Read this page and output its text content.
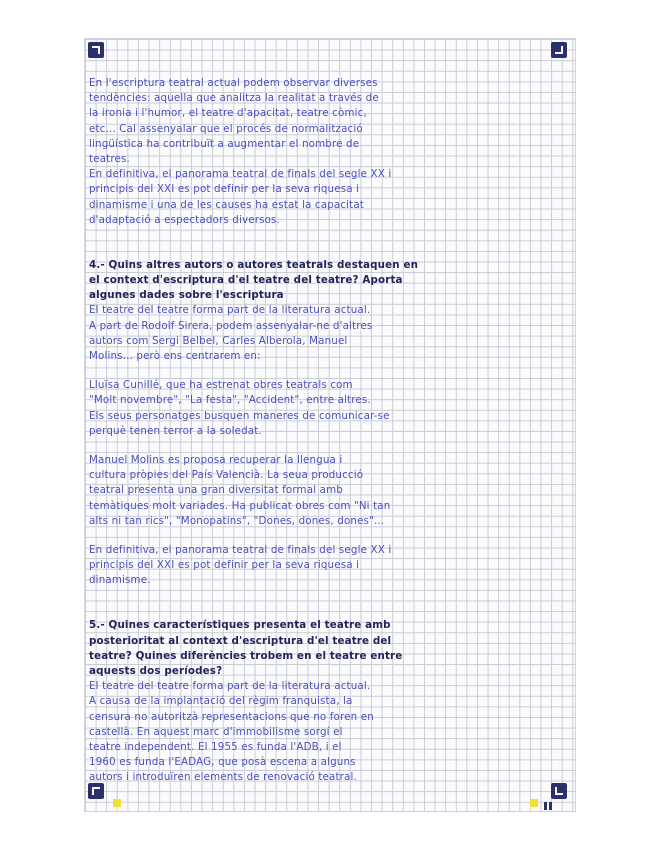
En l'escriptura teatral actual podem observar diverses
tendències: aquella que analitza la realitat a través de
la ironia i l'humor, el teatre d'apacitat, teatre còmic,
etc... Cal assenyalar que el procés de normalització
lingüística ha contribuït a augmentar el nombre de
teatres.
En definitiva, el panorama teatral de finals del segle XX i
principis del XXI es pot definir per la seva riquesa i
dinamisme i una de les causes ha estat la capacitat
d'adaptació a espectadors diversos.
4.- Quins altres autors o autores teatrals destaquen en
el context d'escriptura d'el teatre del teatre? Aporta
algunes dades sobre l'escriptura
El teatre del teatre forma part de la literatura actual.
A part de Rodolf Sirera, podem assenyalar-ne d'altres
autors com Sergi Belbel, Carles Alberola, Manuel
Molins... però ens centrarem en:
Lluïsa Cunillé, que ha estrenat obres teatrals com
"Molt novembre", "La festa", "Accident", entre altres.
Els seus personatges busquen maneres de comunicar-se
perquè tenen terror a la soledat.
Manuel Molins es proposa recuperar la llengua i
cultura pròpies del País Valencià. La seua producció
teatral presenta una gran diversitat formal amb
temàtiques molt variades. Ha publicat obres com "Ni tan
alts ni tan rics", "Monopatins", "Dones, dones, dones"...
En definitiva, el panorama teatral de finals del segle XX i
principis del XXI es pot definir per la seva riquesa i
dinamisme.
5.- Quines característiques presenta el teatre amb
posterioritat al context d'escriptura d'el teatre del
teatre? Quines diferències trobem en el teatre entre
aquests dos períodes?
El teatre del teatre forma part de la literatura actual.
A causa de la implantació del règim franquista, la
censura no autoritzà representacions que no foren en
castellà. En aquest marc d'immobilisme sorgí el
teatre independent. El 1955 es funda l'ADB, i el
1960 es funda l'EADAG, que posà escena a alguns
autors i introduïren elements de renovació teatral.
